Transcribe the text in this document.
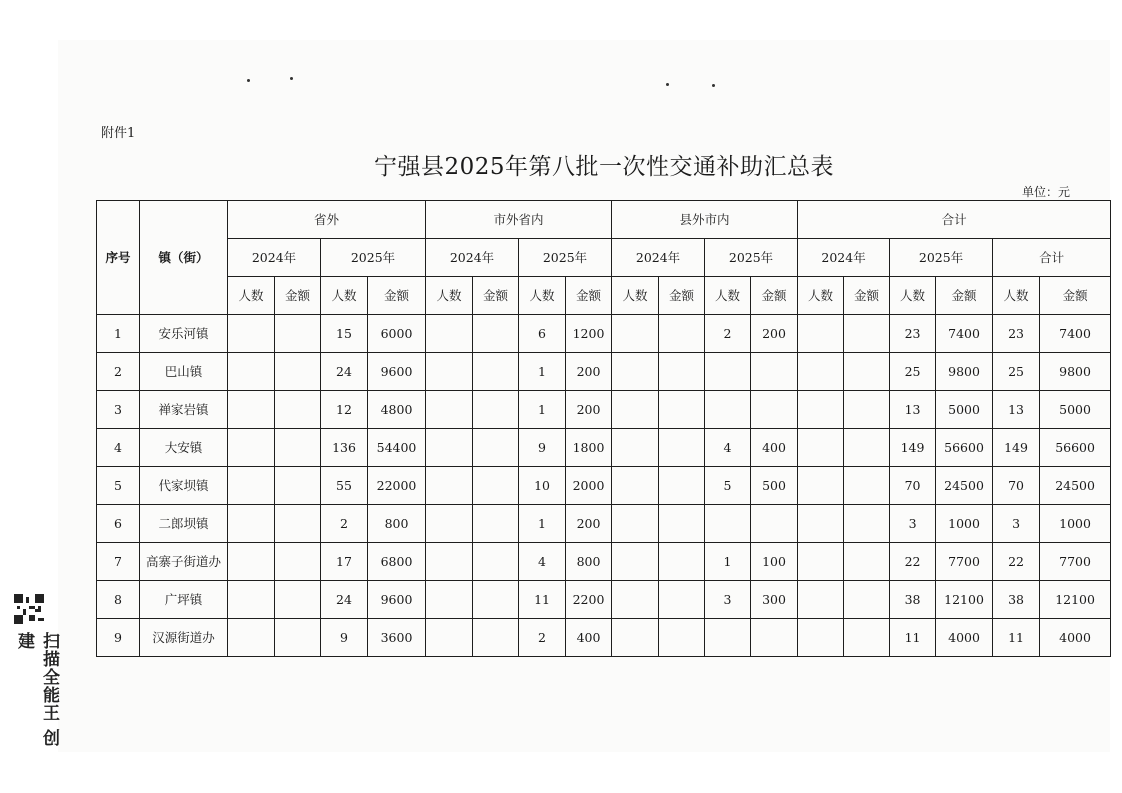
附件1
宁强县2025年第八批一次性交通补助汇总表
单位：元
序号	镇（街）	省外				市外省内				县外市内				合计					
		2024年		2025年		2024年		2025年		2024年		2025年		2024年		2025年		合计	
		人数	金额	人数	金额	人数	金额	人数	金额	人数	金额	人数	金额	人数	金额	人数	金额	人数	金额
1	安乐河镇			15	6000			6	1200			2	200			23	7400	23	7400
2	巴山镇			24	9600			1	200							25	9800	25	9800
3	禅家岩镇			12	4800			1	200							13	5000	13	5000
4	大安镇			136	54400			9	1800			4	400			149	56600	149	56600
5	代家坝镇			55	22000			10	2000			5	500			70	24500	70	24500
6	二郎坝镇			2	800			1	200							3	1000	3	1000
7	高寨子街道办			17	6800			4	800			1	100			22	7700	22	7700
8	广坪镇			24	9600			11	2200			3	300			38	12100	38	12100
9	汉源街道办			9	3600			2	400							11	4000	11	4000
扫描全能王 创建
